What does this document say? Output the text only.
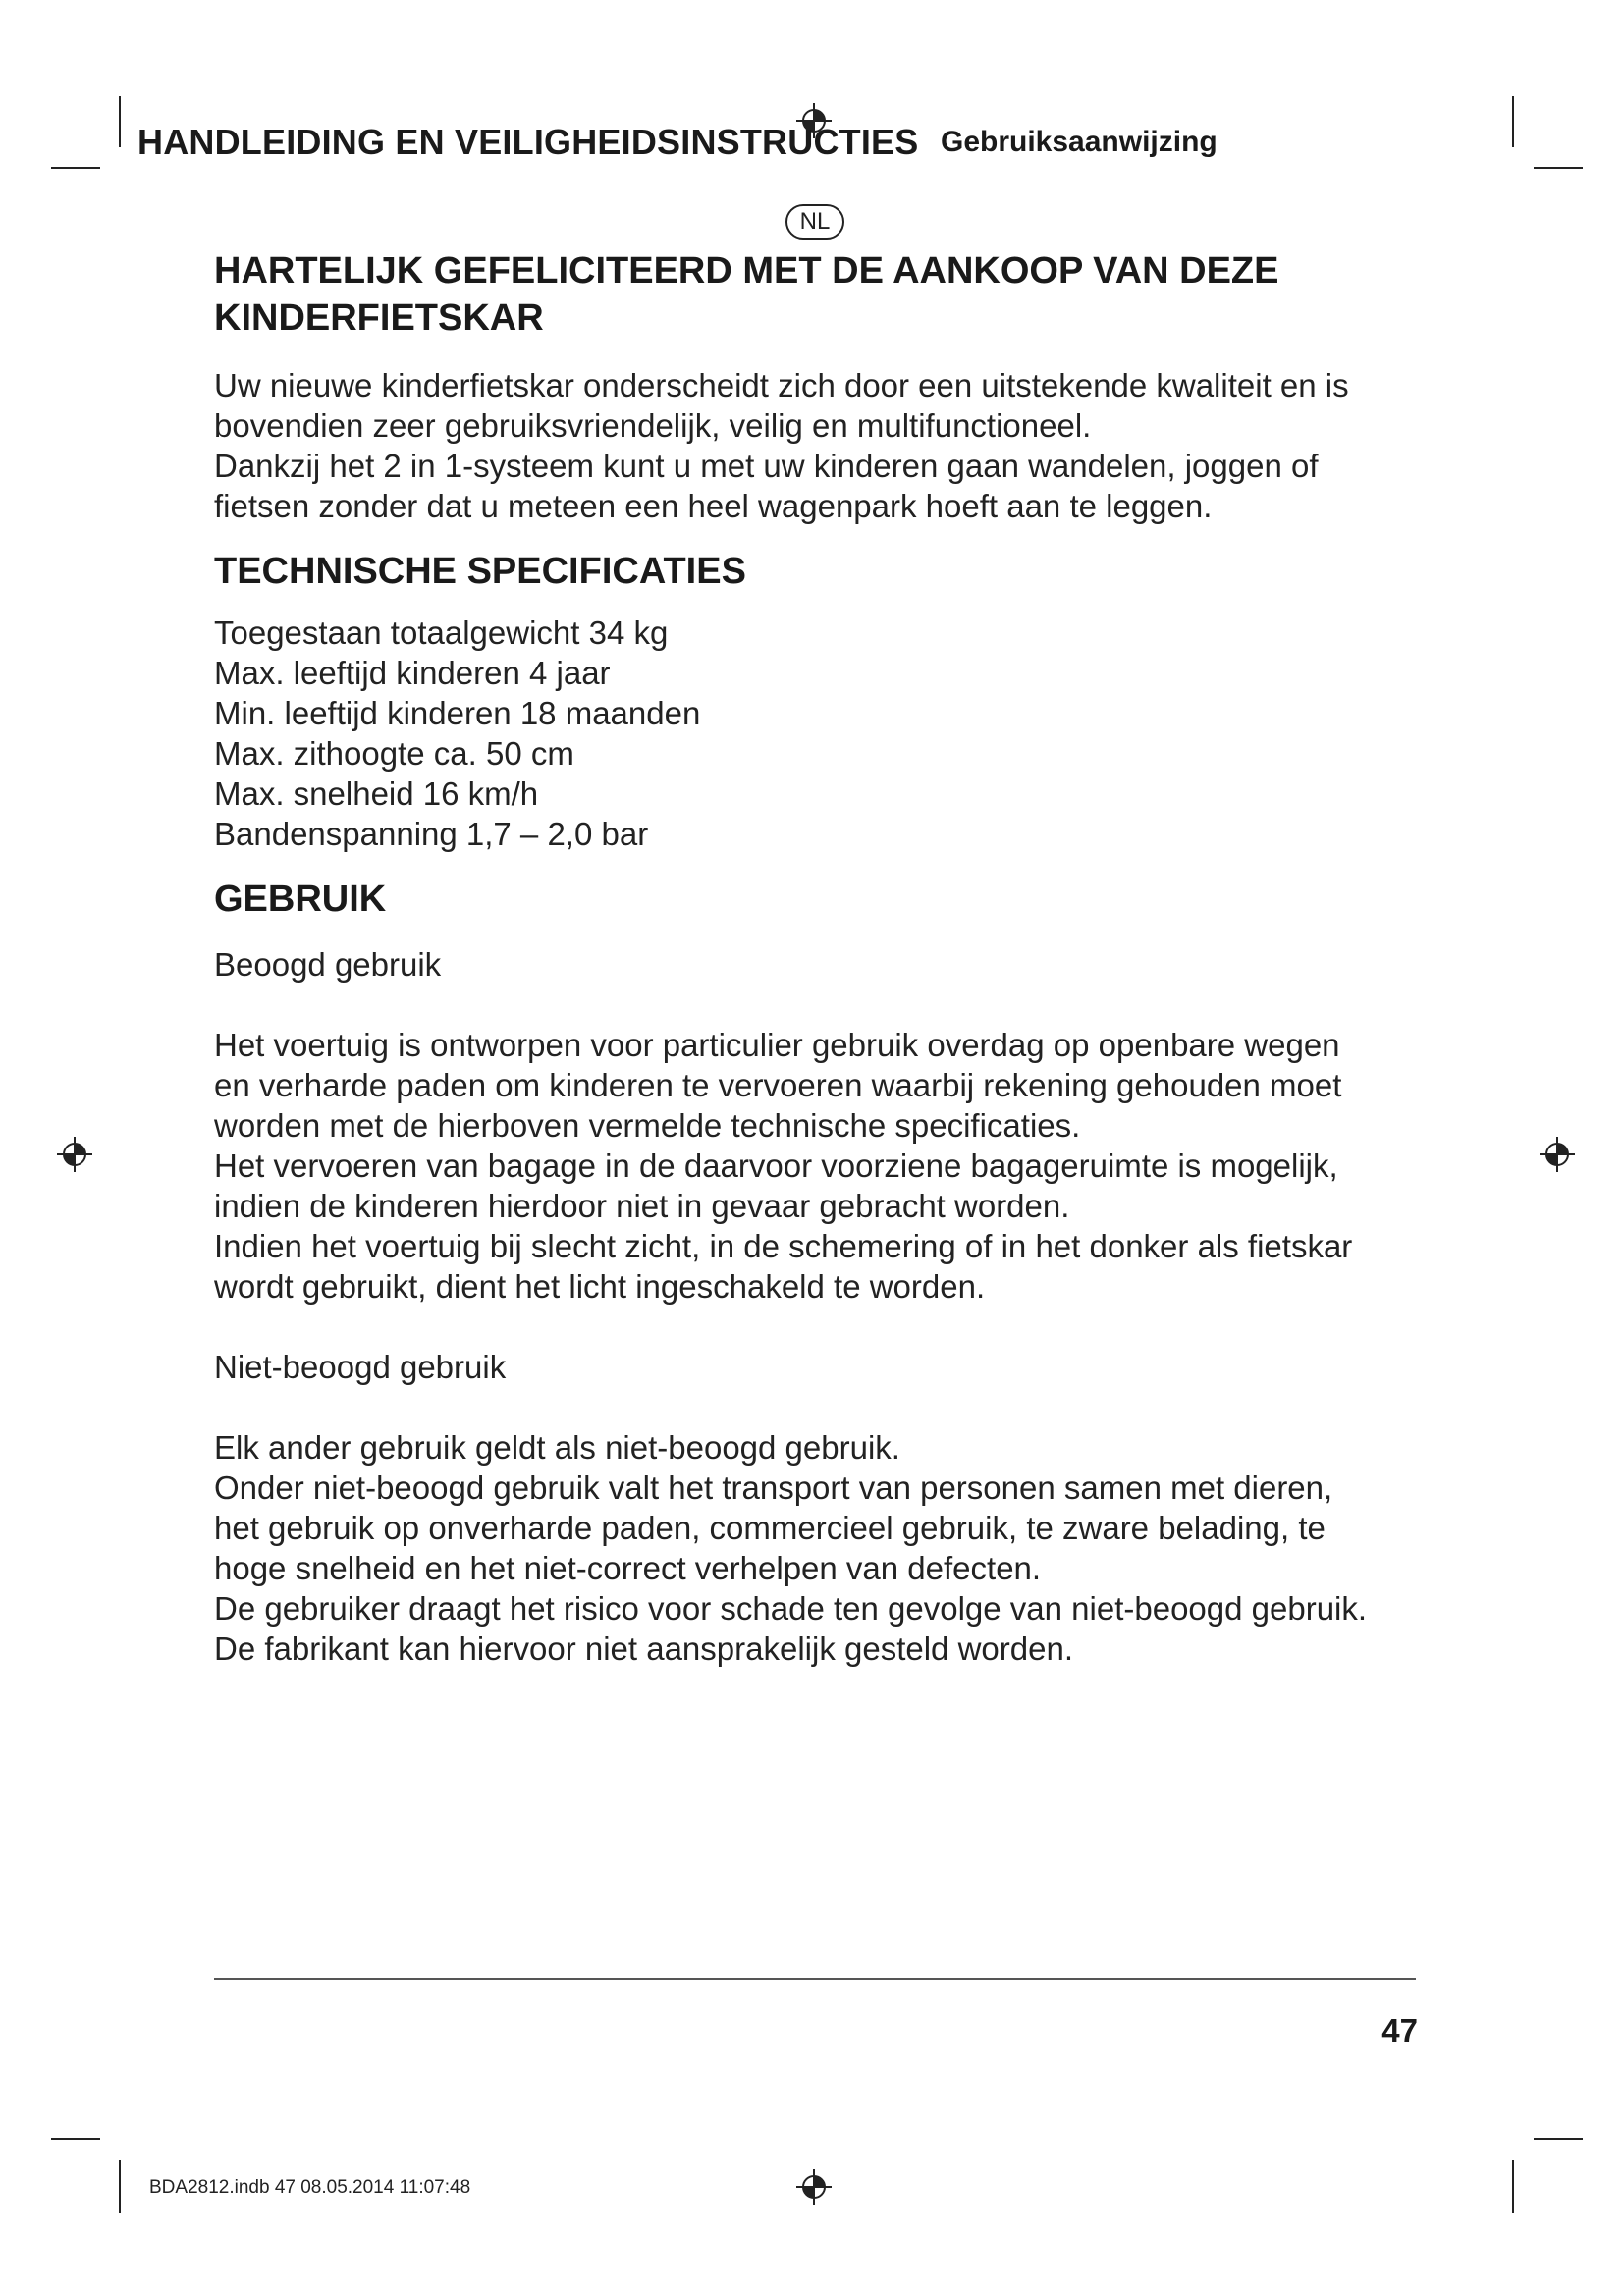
HANDLEIDING EN VEILIGHEIDSINSTRUCTIES Gebruiksaanwijzing
NL
HARTELIJK GEFELICITEERD MET DE AANKOOP VAN DEZE KINDERFIETSKAR

Uw nieuwe kinderfietskar onderscheidt zich door een uitstekende kwaliteit en is

bovendien zeer gebruiksvriendelijk, veilig en multifunctioneel.

Dankzij het 2 in 1-systeem kunt u met uw kinderen gaan wandelen, joggen of

fietsen zonder dat u meteen een heel wagenpark hoeft aan te leggen.

TECHNISCHE SPECIFICATIES

Toegestaan totaalgewicht 34 kg

Max. leeftijd kinderen 4 jaar

Min. leeftijd kinderen 18 maanden

Max. zithoogte ca. 50 cm

Max. snelheid 16 km/h

Bandenspanning 1,7 – 2,0 bar

GEBRUIK

Beoogd gebruik

Het voertuig is ontworpen voor particulier gebruik overdag op openbare wegen

en verharde paden om kinderen te vervoeren waarbij rekening gehouden moet

worden met de hierboven vermelde technische specificaties.

Het vervoeren van bagage in de daarvoor voorziene bagageruimte is mogelijk,

indien de kinderen hierdoor niet in gevaar gebracht worden.

Indien het voertuig bij slecht zicht, in de schemering of in het donker als fietskar

wordt gebruikt, dient het licht ingeschakeld te worden.

Niet-beoogd gebruik

Elk ander gebruik geldt als niet-beoogd gebruik.

Onder niet-beoogd gebruik valt het transport van personen samen met dieren,

het gebruik op onverharde paden, commercieel gebruik, te zware belading, te

hoge snelheid en het niet-correct verhelpen van defecten.

De gebruiker draagt het risico voor schade ten gevolge van niet-beoogd gebruik.

De fabrikant kan hiervoor niet aansprakelijk gesteld worden.

47
BDA2812.indb 47 08.05.2014 11:07:48
